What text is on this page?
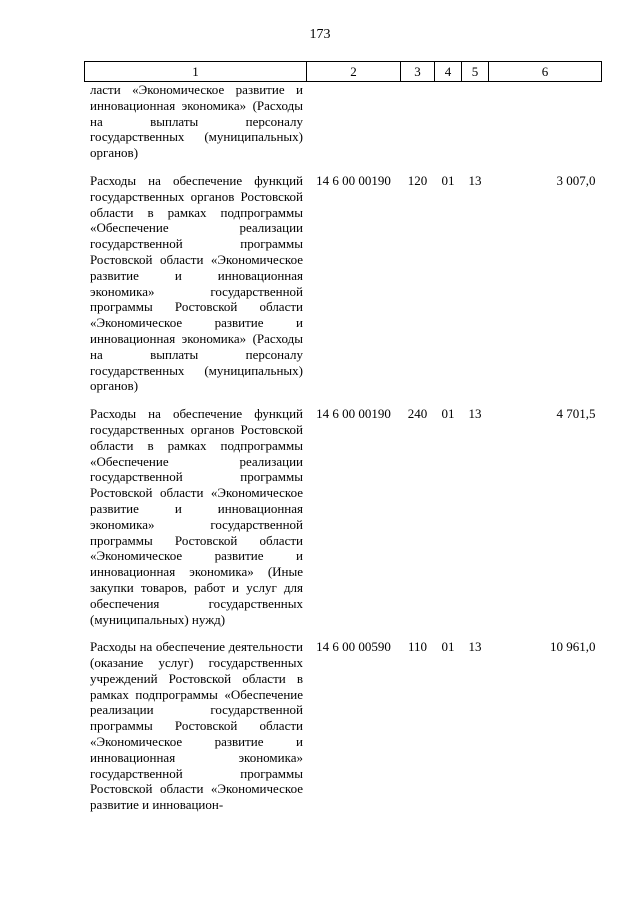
173
1	2	3	4	5	6
ласти «Экономическое развитие и инновационная экономика» (Расходы на выплаты персоналу государственных (муниципальных) органов)					
Расходы на обеспечение функций государственных органов Ростовской области в рамках подпрограммы «Обеспечение реализации государственной программы Ростовской области «Экономическое развитие и инновационная экономика» государственной программы Ростовской области «Экономическое развитие и инновационная экономика» (Расходы на выплаты персоналу государственных (муниципальных) органов)	14 6 00 00190	120	01	13	3 007,0
Расходы на обеспечение функций государственных органов Ростовской области в рамках подпрограммы «Обеспечение реализации государственной программы Ростовской области «Экономическое развитие и инновационная экономика» государственной программы Ростовской области «Экономическое развитие и инновационная экономика» (Иные закупки товаров, работ и услуг для обеспечения государственных (муниципальных) нужд)	14 6 00 00190	240	01	13	4 701,5
Расходы на обеспечение деятельности (оказание услуг) государственных учреждений Ростовской области в рамках подпрограммы «Обеспечение реализации государственной программы Ростовской области «Экономическое развитие и инновационная экономика» государственной программы Ростовской области «Экономическое развитие и инновацион-	14 6 00 00590	110	01	13	10 961,0
